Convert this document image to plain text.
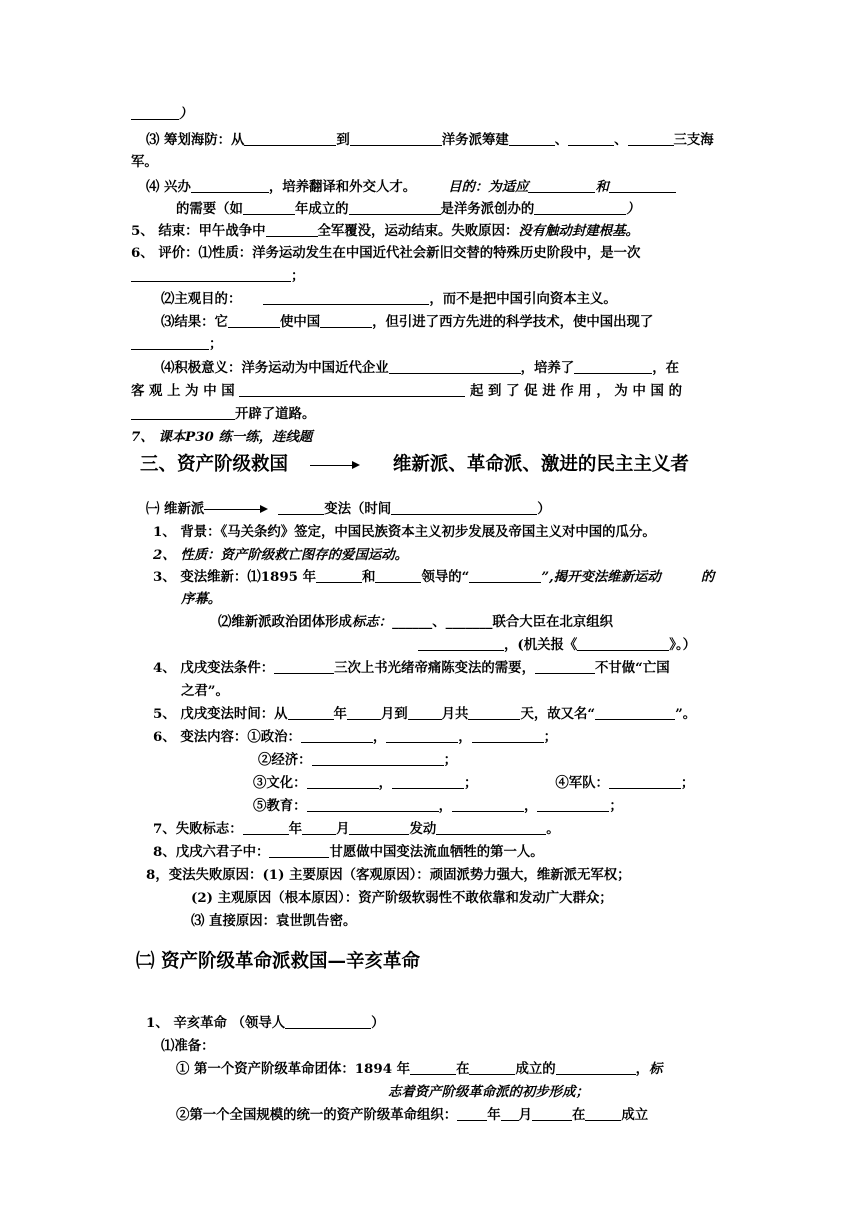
）
⑶ 筹划海防：从	到	洋务派筹建	、	、	三支海
军。
⑷ 兴办	，培养翻译和外交人才。 目的：为适应	和
的需要（如	年成立的	是洋务派创办的	）
5、 结束：甲午战争中	全军覆没，运动结束。失败原因：没有触动封建根基。
6、 评价：⑴性质：洋务运动发生在中国近代社会新旧交替的特殊历史阶段中，是一次
；
⑵主观目的：	，而不是把中国引向资本主义。
⑶结果：它	使中国	，但引进了西方先进的科学技术，使中国出现了
；
⑷积极意义：洋务运动为中国近代企业	，培养了	，在
客 观 上 为 中 国	起 到 了 促 进 作 用 ， 为 中 国 的
开辟了道路。
7、 课本P30 练一练，连线题
㈠ 维新派	变法（时间	）
1、 背景：《马关条约》签定，中国民族资本主义初步发展及帝国主义对中国的瓜分。
2、 性质：资产阶级救亡图存的爱国运动。
3、 变法维新：⑴1895 年	和	领导的“	”,揭开变法维新运动	的
序幕。
⑵维新派政治团体形成标志：______、_______联合大臣在北京组织
，(机关报《	》。）
4、 戊戌变法条件：	三次上书光绪帝痛陈变法的需要，	不甘做“亡国
之君”。
5、 戊戌变法时间：从	年	月到	月共	天，故又名“	”。
6、 变法内容：①政治：	，	，	；
②经济：	；
③文化：	，	；	④军队：	；
⑤教育：	，	，	；
7、失败标志：	年	月	发动	。
8、戊戌六君子中：	甘愿做中国变法流血牺牲的第一人。
8，变法失败原因：(1) 主要原因（客观原因）：顽固派势力强大，维新派无军权；
(2) 主观原因（根本原因）：资产阶级软弱性不敢依靠和发动广大群众；
⑶ 直接原因：袁世凯告密。
1、 辛亥革命 （领导人	）
⑴准备：
① 第一个资产阶级革命团体：1894 年	在	成立的	，标
志着资产阶级革命派的初步形成；
②第一个全国规模的统一的资产阶级革命组织： 年 月	在	成立
三、资产阶级救国	维新派、革命派、激进的民主主义者
㈡ 资产阶级革命派救国—辛亥革命
